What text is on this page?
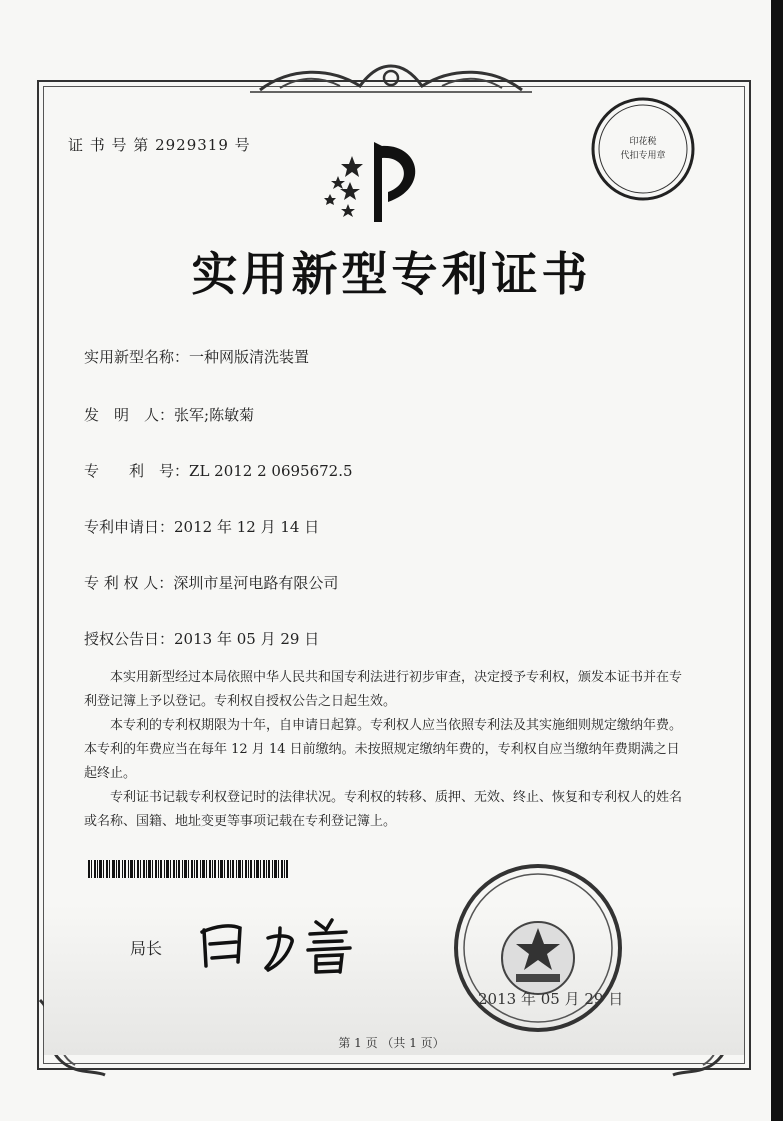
证 书 号 第 2929319 号	印花税
代扣专用章
实用新型专利证书
实用新型名称：一种网版清洗装置
发　明　人：张军;陈敏菊
专　　利　号：ZL 2012 2 0695672.5
专利申请日：2012 年 12 月 14 日
专 利 权 人：深圳市星河电路有限公司
授权公告日：2013 年 05 月 29 日

本实用新型经过本局依照中华人民共和国专利法进行初步审查，决定授予专利权，颁发本证书并在专利登记簿上予以登记。专利权自授权公告之日起生效。

本专利的专利权期限为十年，自申请日起算。专利权人应当依照专利法及其实施细则规定缴纳年费。本专利的年费应当在每年 12 月 14 日前缴纳。未按照规定缴纳年费的，专利权自应当缴纳年费期满之日起终止。

专利证书记载专利权登记时的法律状况。专利权的转移、质押、无效、终止、恢复和专利权人的姓名或名称、国籍、地址变更等事项记载在专利登记簿上。

局长
2013 年 05 月 29 日
第 1 页 （共 1 页）
